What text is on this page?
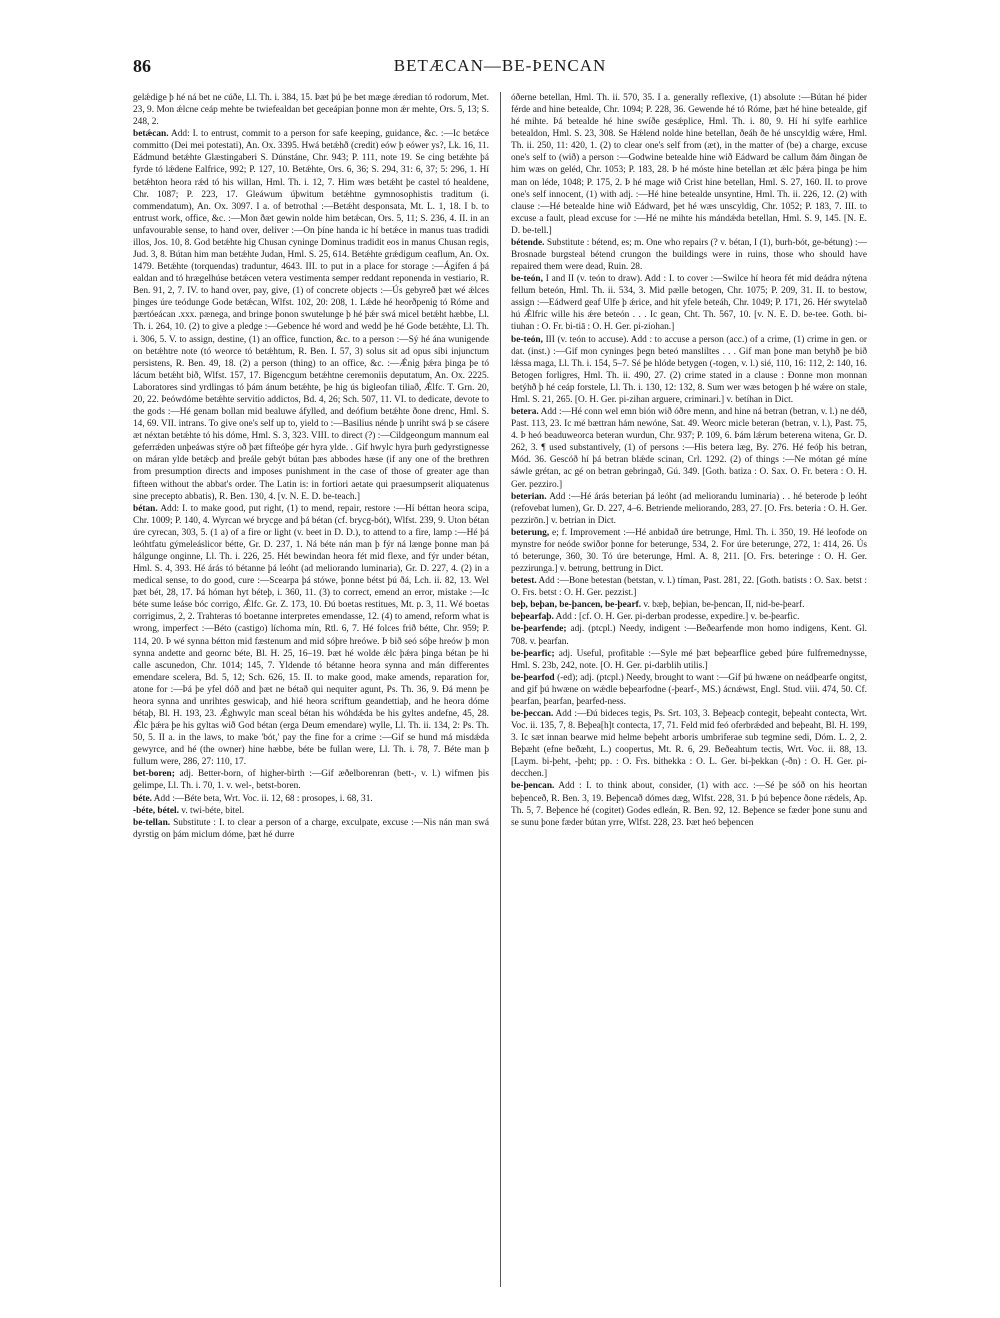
86	BETÆCAN—BE-ÞENCAN

gelǽdige þ hé ná bet ne cúðe, Ll. Th. i. 384, 15. Þæt þú þe bet mæge ǽredian tó rodorum, Met. 23, 9. Mon ǽlcne ceáp mehte be twiefealdan bet geceápian þonne mon ǽr mehte, Ors. 5, 13; S. 248, 2.

betǽcan. Add: I. to entrust, commit to a person for safe keeping, guidance, &c. :—Ic betǽce committo (Dei mei potestati), An. Ox. 3395. Hwá betǽhð (credit) eów þ eówer ys?, Lk. 16, 11. Eádmund betǽhte Glæstingaberi S. Dúnstáne, Chr. 943; P. 111, note 19. Se cing betǽhte þá fyrde tó lǽdene Ealfrice, 992; P. 127, 10. Betǽhte, Ors. 6, 36; S. 294, 31: 6, 37; 5: 296, 1. Hí betǽhton heora rǽd tó his willan, Hml. Th. i. 12, 7. Him wæs betǽht þe castel tó healdene, Chr. 1087; P. 223, 17. Gleáwum úþwitum betǽhtne gymnosophistis traditum (i. commendatum), An. Ox. 3097. I a. of betrothal :—Betǽht desponsata, Mt. L. 1, 18. I b. to entrust work, office, &c. :—Mon ðæt gewin nolde him betǽcan, Ors. 5, 11; S. 236, 4. II. in an unfavourable sense, to hand over, deliver :—On þíne handa ic hí betǽce in manus tuas tradidi illos, Jos. 10, 8. God betǽhte hig Chusan cyninge Dominus tradidit eos in manus Chusan regis, Jud. 3, 8. Bútan him man betǽhte Judan, Hml. S. 25, 614. Betǽhte grǽdigum ceaflum, An. Ox. 1479. Betǽhte (torquendas) traduntur, 4643. III. to put in a place for storage :—Ágifen á þá ealdan and tó hrægelhúse betǽcen vetera vestimenta semper reddant reponenda in vestiario, R. Ben. 91, 2, 7. IV. to hand over, pay, give, (1) of concrete objects :—Ús gebyreð þæt wé ǽlces þinges úre teódunge Gode betǽcan, Wlfst. 102, 20: 208, 1. Lǽde hé heorðpenig tó Róme and þærtóeácan .xxx. pænega, and bringe þonon swutelunge þ hé þǽr swá micel betǽht hæbbe, Ll. Th. i. 264, 10. (2) to give a pledge :—Gebence hé word and wedd þe hé Gode betǽhte, Ll. Th. i. 306, 5. V. to assign, destine, (1) an office, function, &c. to a person :—Sý hé ána wunigende on betǽhtre note (tó weorce tó betǽhtum, R. Ben. I. 57, 3) solus sit ad opus sibi injunctum persistens, R. Ben. 49, 18. (2) a person (thing) to an office, &c. :—Ǽnig þǽra þinga þe tó lácum betǽht bið, Wlfst. 157, 17. Bigencgum betǽhtne ceremoniis deputatum, An. Ox. 2225. Laboratores sind yrdlingas tó þám ánum betǽhte, þe hig ús bigleofan tiliað, Ǽlfc. T. Grn. 20, 20, 22. Þeówdóme betǽhte servitio addictos, Bd. 4, 26; Sch. 507, 11. VI. to dedicate, devote to the gods :—Hé genam bollan mid bealuwe áfylled, and deófium betǽhte ðone drenc, Hml. S. 14, 69. VII. intrans. To give one's self up to, yield to :—Basilius nénde þ unriht swá þ se cásere æt néxtan betǽhte tó his dóme, Hml. S. 3, 323. VIII. to direct (?) :—Cildgeongum mannum eal geferrǽden unþeáwas stýre oð þæt fífteóþe gér hyra ylde. . Gif hwylc hyra þurh gedyrstignesse on máran ylde betǽcþ and þreále gebýt bútan þæs abbodes hæse (if any one of the brethren from presumption directs and imposes punishment in the case of those of greater age than fifteen without the abbat's order. The Latin is: in fortiori aetate qui praesumpserit aliquatenus sine precepto abbatis), R. Ben. 130, 4. [v. N. E. D. be-teach.]

bétan. Add: I. to make good, put right, (1) to mend, repair, restore :—Hí béttan heora scipa, Chr. 1009; P. 140, 4. Wyrcan wé brycge and þá bétan (cf. brycg-bót), Wlfst. 239, 9. Uton bétan úre cyrecan, 303, 5. (1 a) of a fire or light (v. beet in D. D.), to attend to a fire, lamp :—Hé þá leóhtfatu gýmeleáslicor bétte, Gr. D. 237, 1. Ná béte nán man þ fýr ná længe þonne man þá hálgunge onginne, Ll. Th. i. 226, 25. Hét bewindan heora fét mid flexe, and fýr under bétan, Hml. S. 4, 393. Hé árás tó bétanne þá leóht (ad meliorando luminaria), Gr. D. 227, 4. (2) in a medical sense, to do good, cure :—Scearpa þá stówe, þonne bétst þú ðá, Lch. ii. 82, 13. Wel þæt bét, 28, 17. Þá hóman hyt béteþ, i. 360, 11. (3) to correct, emend an error, mistake :—Ic béte sume leáse bóc corrigo, Ǽlfc. Gr. Z. 173, 10. Ðú boetas restitues, Mt. p. 3, 11. Wé boetas corrigimus, 2, 2. Trahteras tó boetanne interpretes emendasse, 12. (4) to amend, reform what is wrong, imperfect :—Béto (castigo) líchoma mín, Rtl. 6, 7. Hé folces frið bétte, Chr. 959; P. 114, 20. Þ wé synna bétton mid fæstenum and mid sóþre hreówe. Þ bið seó sóþe hreów þ mon synna andette and geornc béte, Bl. H. 25, 16–19. Þæt hé wolde ǽlc þǽra þinga bétan þe hi calle ascunedon, Chr. 1014; 145, 7. Yldende tó bétanne heora synna and mán differentes emendare scelera, Bd. 5, 12; Sch. 626, 15. II. to make good, make amends, reparation for, atone for :—Þá þe yfel dóð and þæt ne bétað qui nequiter agunt, Ps. Th. 36, 9. Ðá menn þe heora synna and unrihtes geswicaþ, and hié heora scriftum geandettiaþ, and he heora dóme bétaþ, Bl. H. 193, 23. Ǽghwylc man sceal bétan his wóhdǽda be his gyltes andefne, 45, 28. Ǽlc þǽra þe his gyltas wið God bétan (erga Deum emendare) wylle, Ll. Th. ii. 134, 2: Ps. Th. 50, 5. II a. in the laws, to make 'bót,' pay the fine for a crime :—Gif se hund má misdǽda gewyrce, and hé (the owner) hine hæbbe, béte be fullan were, Ll. Th. i. 78, 7. Béte man þ fullum were, 286, 27: 110, 17.

bet-boren; adj. Better-born, of higher-birth :—Gif æðelborenran (bett-, v. l.) wifmen þis gelimpe, Ll. Th. i. 70, 1. v. wel-, betst-boren.

béte. Add :—Béte beta, Wrt. Voc. ii. 12, 68 : prosopes, i. 68, 31.

-béte, bétel. v. twi-béte, bitel.

be-tellan. Substitute : I. to clear a person of a charge, exculpate, excuse :—Nis nán man swá dyrstig on þám miclum dóme, þæt hé durre

óðerne betellan, Hml. Th. ii. 570, 35. I a. generally reflexive, (1) absolute :—Bútan hé þider férde and hine betealde, Chr. 1094; P. 228, 36. Gewende hé tó Róme, þæt hé hine betealde, gif hé mihte. Þá betealde hé hine swíðe gesǽplice, Hml. Th. i. 80, 9. Hí hí sylfe earhlice betealdon, Hml. S. 23, 308. Se Hǽlend nolde hine betellan, ðeáh ðe hé unscyldig wǽre, Hml. Th. ii. 250, 11: 420, 1. (2) to clear one's self from (æt), in the matter of (be) a charge, excuse one's self to (wið) a person :—Godwine betealde hine wið Eádward be callum ðám ðingan ðe him wæs on geléd, Chr. 1053; P. 183, 28. Þ hé móste hine betellan æt ǽlc þǽra þinga þe him man on léde, 1048; P. 175, 2. Þ hé mage wið Crist hine betellan, Hml. S. 27, 160. II. to prove one's self innocent, (1) with adj. :—Hé hine betealde unsyntine, Hml. Th. ii. 226, 12. (2) with clause :—Hé betealde hine wið Eádward, þet hé wæs unscyldig, Chr. 1052; P. 183, 7. III. to excuse a fault, plead excuse for :—Hé ne mihte his mándǽda betellan, Hml. S. 9, 145. [N. E. D. be-tell.]

bétende. Substitute : bétend, es; m. One who repairs (? v. bétan, I (1), burh-bót, ge-bétung) :—Brosnade burgsteal bétend crungon the buildings were in ruins, those who should have repaired them were dead, Ruin. 28.

be-teón, I and II (v. teón to draw). Add : I. to cover :—Swilce hí heora fét mid deádra nýtena fellum beteón, Hml. Th. ii. 534, 3. Mid pælle betogen, Chr. 1075; P. 209, 31. II. to bestow, assign :—Eádwerd geaf Ulfe þ ǽrice, and hit yfele beteáh, Chr. 1049; P. 171, 26. Hér swytelað hú Ǽlfric wille his ǽre beteón . . . Ic gean, Cht. Th. 567, 10. [v. N. E. D. be-tee. Goth. bi-tiuhan : O. Fr. bi-tiā : O. H. Ger. pi-ziohan.]

be-teón, III (v. teón to accuse). Add : to accuse a person (acc.) of a crime, (1) crime in gen. or dat. (inst.) :—Gif mon cyninges þegn beteó mansliltes . . . Gif man þone man betyhð þe bið lǽssa maga, Ll. Th. i. 154, 5–7. Sé þe hlóde betygen (-togen, v. l.) sié, 110, 16: 112, 2: 140, 16. Betogen forligres, Hml. Th. ii. 490, 27. (2) crime stated in a clause : Ðonne mon monnan betýhð þ hé ceáp forstele, Ll. Th. i. 130, 12: 132, 8. Sum wer wæs betogen þ hé wǽre on stale, Hml. S. 21, 265. [O. H. Ger. pi-zihan arguere, criminari.] v. betíhan in Dict.

betera. Add :—Hé conn wel emn bión wið óðre menn, and hine ná betran (betran, v. l.) ne déð, Past. 113, 23. Ic mé bættran hám newóne, Sat. 49. Weorc micle beteran (betran, v. l.), Past. 75, 4. Þ heó beaduweorca beteran wurdun, Chr. 937; P. 109, 6. Þám lǽrum beterena witena, Gr. D. 262, 3. ¶ used substantively, (1) of persons :—His betera læg, By. 276. Hé feóþ his betran, Mód. 36. Gescóð hí þá betran blǽde scinan, Crl. 1292. (2) of things :—Ne mótan gé míne sáwle grétan, ac gé on betran gebringað, Gú. 349. [Goth. batiza : O. Sax. O. Fr. betera : O. H. Ger. pezziro.]

beterian. Add :—Hé árás beterian þá leóht (ad meliorandu luminaria) . . hé beterode þ leóht (refovebat lumen), Gr. D. 227, 4–6. Betriende meliorando, 283, 27. [O. Frs. beteria : O. H. Ger. pezzirōn.] v. betrian in Dict.

beterung, e; f. Improvement :—Hé anbidað úre betrunge, Hml. Th. i. 350, 19. Hé leofode on mynstre for neóde swiðor þonne for beterunge, 534, 2. For úre beterunge, 272, 1: 414, 26. Ús tó beterunge, 360, 30. Tó úre beterunge, Hml. A. 8, 211. [O. Frs. beteringe : O. H. Ger. pezzirunga.] v. betrung, bettrung in Dict.

betest. Add :—Bone betestan (betstan, v. l.) tíman, Past. 281, 22. [Goth. batists : O. Sax. betst : O. Frs. betst : O. H. Ger. pezzist.]

beþ, beþan, be-þancen, be-þearf. v. bæþ, beþian, be-þencan, II, nid-be-þearf.

beþearfaþ. Add : [cf. O. H. Ger. pi-derban prodesse, expedire.] v. be-þearfic.

be-þearfende; adj. (ptcpl.) Needy, indigent :—Beðearfende mon homo indigens, Kent. Gl. 708. v. þearfan.

be-þearfic; adj. Useful, profitable :—Syle mé þæt beþearflice gebed þúre fulfremednysse, Hml. S. 23b, 242, note. [O. H. Ger. pi-darblih utilis.]

be-þearfod (-ed); adj. (ptcpl.) Needy, brought to want :—Gif þú hwæne on neádþearfe ongitst, and gif þú hwæne on wǽdle beþearfodne (-þearf-, MS.) ácnǽwst, Engl. Stud. viii. 474, 50. Cf. þearfan, þearfan, þearfed-ness.

be-þeccan. Add :—Ðú bideces tegis, Ps. Srt. 103, 3. Beþeacþ contegit, beþeaht contecta, Wrt. Voc. ii. 135, 7, 8. Beþea[h]t contecta, 17, 71. Feld mid feó oferbrǽded and beþeaht, Bl. H. 199, 3. Ic sæt innan bearwe mid helme beþeht arboris umbriferae sub tegmine sedi, Dóm. L. 2, 2. Beþæht (efne beðæht, L.) coopertus, Mt. R. 6, 29. Beðeahtum tectis, Wrt. Voc. ii. 88, 13. [Laym. bi-þeht, -þeht; pp. : O. Frs. bithekka : O. L. Ger. bi-þekkan (-ðn) : O. H. Ger. pi-decchen.]

be-þencan. Add : I. to think about, consider, (1) with acc. :—Sé þe sóð on his heortan beþenceð, R. Ben. 3, 19. Beþencað dómes dæg, Wlfst. 228, 31. Þ þú beþence ðone rǽdels, Ap. Th. 5, 7. Beþence hé (cogitet) Godes edleán, R. Ben. 92, 12. Beþence se fæder þone sunu and se sunu þone fæder bútan yrre, Wlfst. 228, 23. Þæt heó beþencen
